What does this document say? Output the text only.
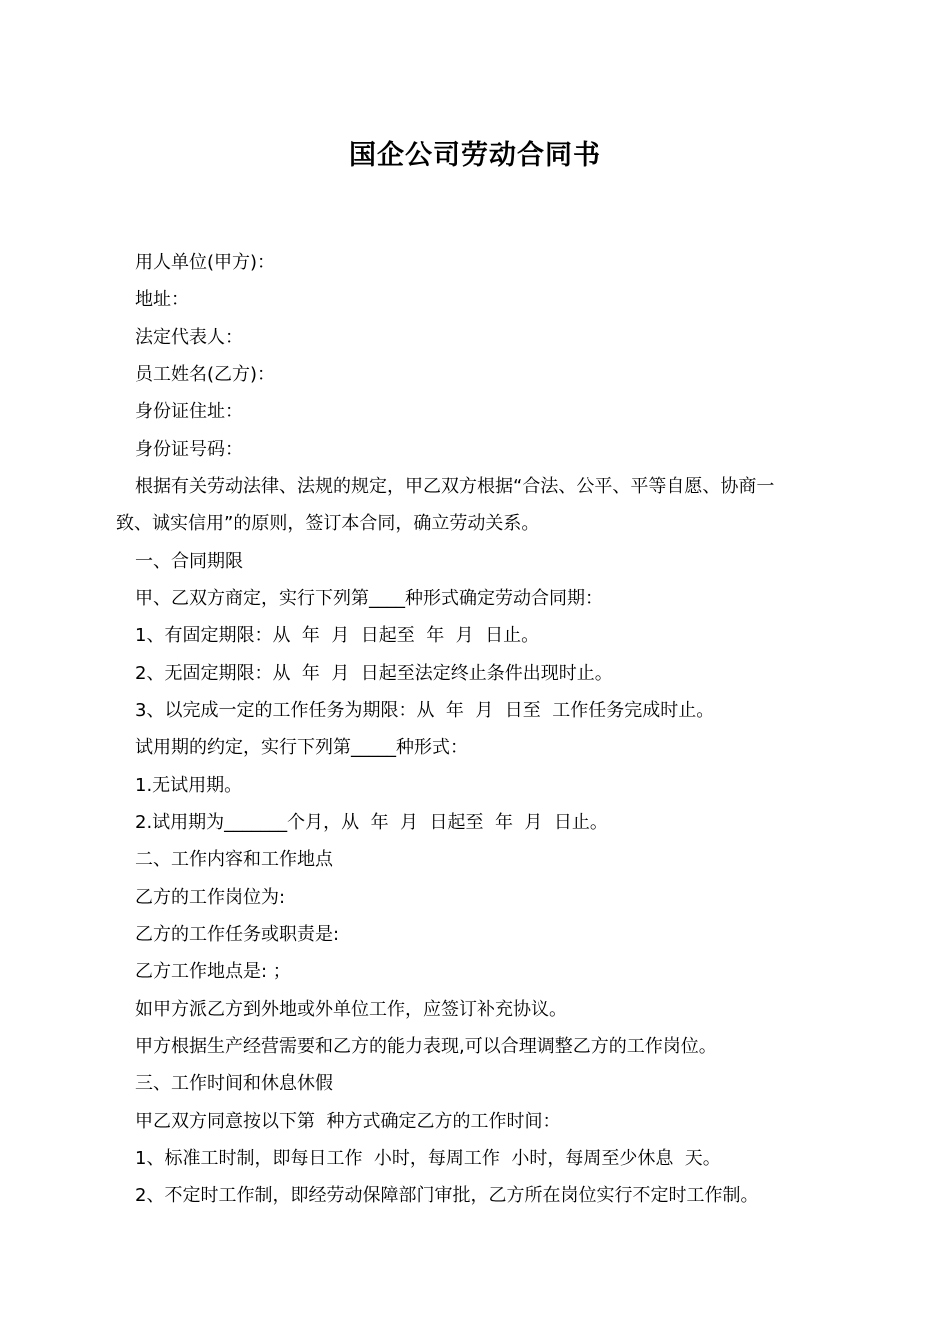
国企公司劳动合同书
用人单位(甲方)：
地址：
法定代表人：
员工姓名(乙方)：
身份证住址：
身份证号码：
根据有关劳动法律、法规的规定，甲乙双方根据“合法、公平、平等自愿、协商一
致、诚实信用”的原则，签订本合同，确立劳动关系。
一、合同期限
甲、乙双方商定，实行下列第____种形式确定劳动合同期：
1、有固定期限：从  年  月  日起至  年  月  日止。
2、无固定期限：从  年  月  日起至法定终止条件出现时止。
3、以完成一定的工作任务为期限：从  年  月  日至  工作任务完成时止。
试用期的约定，实行下列第_____种形式：
1.无试用期。
2.试用期为_______个月，从  年  月  日起至  年  月  日止。
二、工作内容和工作地点
乙方的工作岗位为:
乙方的工作任务或职责是:
乙方工作地点是: ；
如甲方派乙方到外地或外单位工作，应签订补充协议。
甲方根据生产经营需要和乙方的能力表现,可以合理调整乙方的工作岗位。
三、工作时间和休息休假
甲乙双方同意按以下第  种方式确定乙方的工作时间：
1、标准工时制，即每日工作  小时，每周工作  小时，每周至少休息  天。
2、不定时工作制，即经劳动保障部门审批，乙方所在岗位实行不定时工作制。
